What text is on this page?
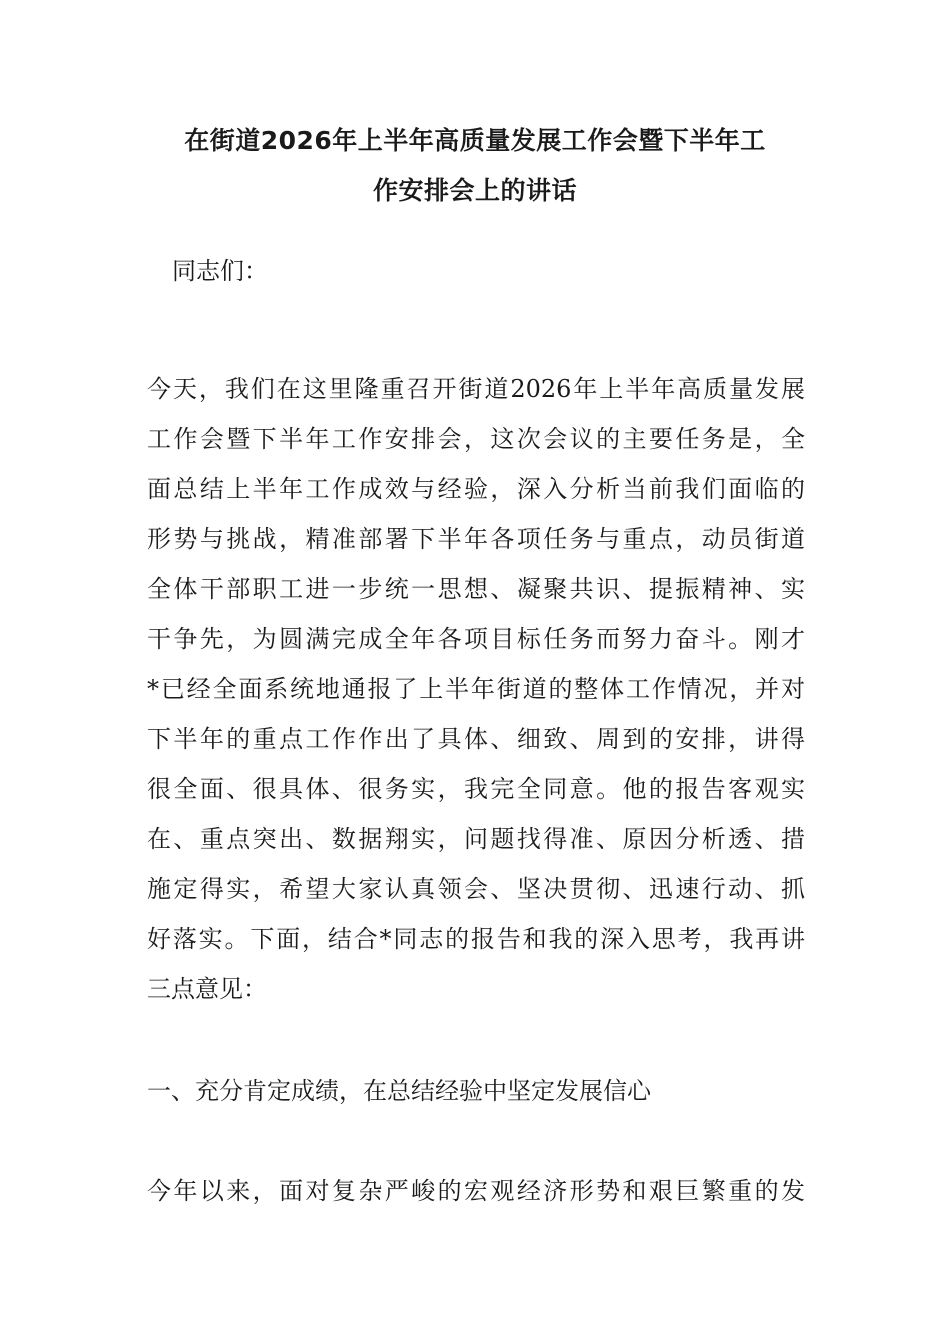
在街道2026年上半年高质量发展工作会暨下半年工
作安排会上的讲话

同志们：

今天，我们在这里隆重召开街道2026年上半年高质量发展

工作会暨下半年工作安排会，这次会议的主要任务是，全

面总结上半年工作成效与经验，深入分析当前我们面临的

形势与挑战，精准部署下半年各项任务与重点，动员街道

全体干部职工进一步统一思想、凝聚共识、提振精神、实

干争先，为圆满完成全年各项目标任务而努力奋斗。刚才

*已经全面系统地通报了上半年街道的整体工作情况，并对

下半年的重点工作作出了具体、细致、周到的安排，讲得

很全面、很具体、很务实，我完全同意。他的报告客观实

在、重点突出、数据翔实，问题找得准、原因分析透、措

施定得实，希望大家认真领会、坚决贯彻、迅速行动、抓

好落实。下面，结合*同志的报告和我的深入思考，我再讲

三点意见：

一、充分肯定成绩，在总结经验中坚定发展信心

今年以来，面对复杂严峻的宏观经济形势和艰巨繁重的发
